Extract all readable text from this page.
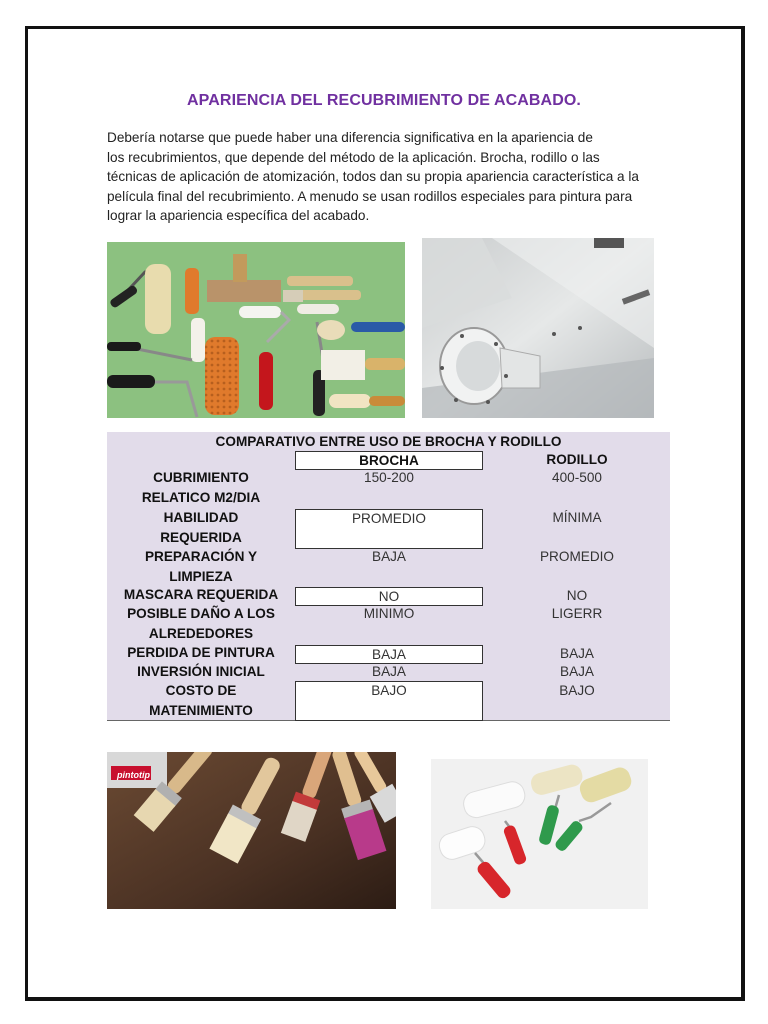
APARIENCIA DEL RECUBRIMIENTO DE ACABADO.

Debería notarse que puede haber una diferencia significativa en la apariencia de

los recubrimientos, que depende del método de la aplicación. Brocha, rodillo o las

técnicas de aplicación de atomización, todos dan su propia apariencia característica a la

película final del recubrimiento. A menudo se usan rodillos especiales para pintura para

lograr la apariencia específica del acabado.

COMPARATIVO ENTRE USO DE BROCHA Y RODILLO
BROCHA	RODILLO
CUBRIMIENTO
RELATICO M2/DIA
150-200	400-500
HABILIDAD
REQUERIDA
PROMEDIO	MÍNIMA
PREPARACIÓN Y
LIMPIEZA
BAJA	PROMEDIO
MASCARA REQUERIDA	NO	NO
POSIBLE DAÑO A LOS
ALREDEDORES
MINIMO	LIGERR
PERDIDA DE PINTURA	BAJA	BAJA
INVERSIÓN INICIAL	BAJA	BAJA
COSTO DE
MATENIMIENTO
BAJO	BAJO
pintotip
